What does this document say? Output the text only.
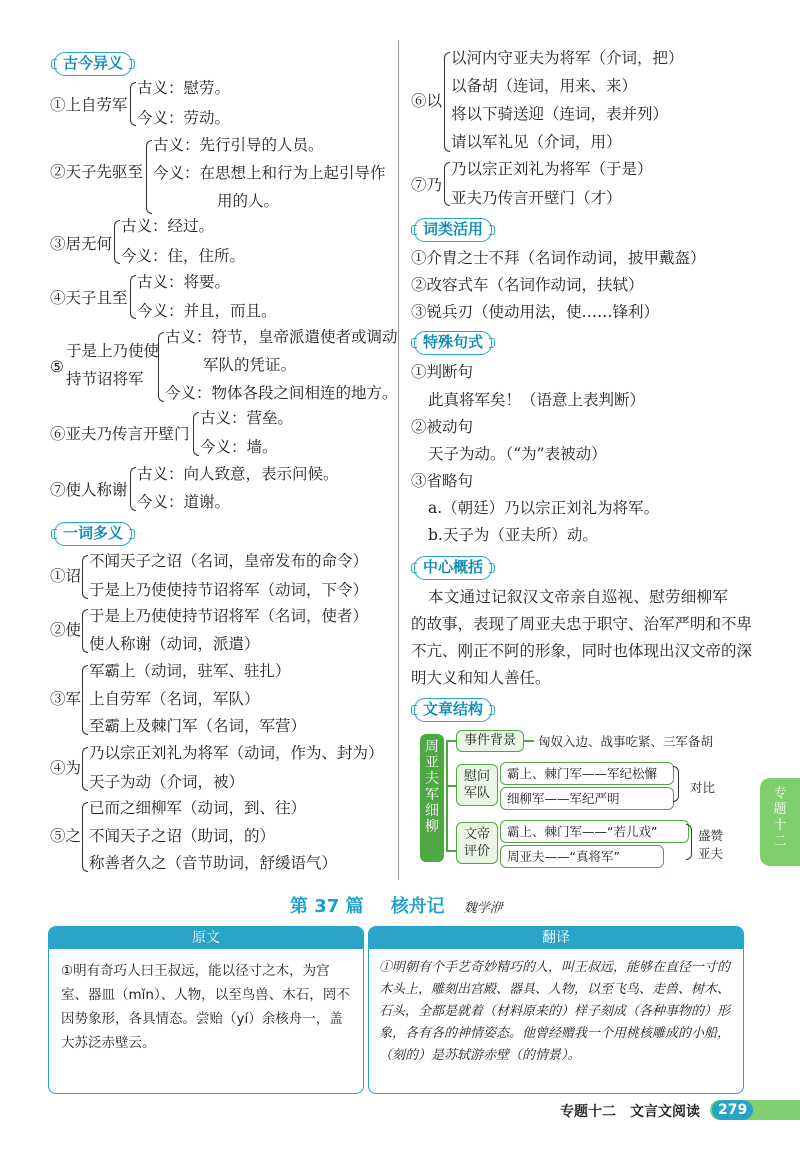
古今异义
①上自劳军
古义：慰劳。
今义：劳动。
②天子先驱至
古义：先行引导的人员。
今义：在思想上和行为上起引导作
用的人。
③居无何
古义：经过。
今义：住，住所。
④天子且至
古义：将要。
今义：并且，而且。
⑤
于是上乃使使
持节诏将军
古义：符节，皇帝派遣使者或调动
军队的凭证。
今义：物体各段之间相连的地方。
⑥亚夫乃传言开壁门
古义：营垒。
今义：墙。
⑦使人称谢
古义：向人致意，表示问候。
今义：道谢。
一词多义
①诏
不闻天子之诏（名词，皇帝发布的命令）
于是上乃使使持节诏将军（动词，下令）
②使
于是上乃使使持节诏将军（名词，使者）
使人称谢（动词，派遣）
③军
军霸上（动词，驻军、驻扎）
上自劳军（名词，军队）
至霸上及棘门军（名词，军营）
④为
乃以宗正刘礼为将军（动词，作为、封为）
天子为动（介词，被）
⑤之
已而之细柳军（动词，到、往）
不闻天子之诏（助词，的）
称善者久之（音节助词，舒缓语气）
⑥以
以河内守亚夫为将军（介词，把）
以备胡（连词，用来、来）
将以下骑送迎（连词，表并列）
请以军礼见（介词，用）
⑦乃
乃以宗正刘礼为将军（于是）
亚夫乃传言开壁门（才）
词类活用
①介胄之士不拜（名词作动词，披甲戴盔）
②改容式车（名词作动词，扶轼）
③锐兵刃（使动用法，使……锋利）
特殊句式
①判断句
此真将军矣！（语意上表判断）
②被动句
天子为动。（“为”表被动）
③省略句
a.（朝廷）乃以宗正刘礼为将军。
b.天子为（亚夫所）动。
中心概括
本文通过记叙汉文帝亲自巡视、慰劳细柳军
的故事，表现了周亚夫忠于职守、治军严明和不卑
不亢、刚正不阿的形象，同时也体现出汉文帝的深
明大义和知人善任。
文章结构
周亚夫军细柳
事件背景	匈奴入边、战事吃紧、三军备胡
慰问
军队
霸上、棘门军——军纪松懈
细柳军——军纪严明
对比
文帝
评价
霸上、棘门军——“若儿戏”
周亚夫——“真将军”
盛赞
亚夫
专题十二
第 37 篇 核舟记 魏学洢
原文
①明有奇巧人曰王叔远，能以径寸之木，为宫室、器皿（mǐn）、人物，以至鸟兽、木石，罔不因势象形，各具情态。尝贻（yí）余核舟一，盖大苏泛赤壁云。
翻译
①明朝有个手艺奇妙精巧的人，叫王叔远，能够在直径一寸的木头上，雕刻出宫殿、器具、人物，以至飞鸟、走兽、树木、石头，全都是就着（材料原来的）样子刻成（各种事物的）形象，各有各的神情姿态。他曾经赠我一个用桃核雕成的小船，（刻的）是苏轼游赤壁（的情景）。
专题十二　文言文阅读	279
